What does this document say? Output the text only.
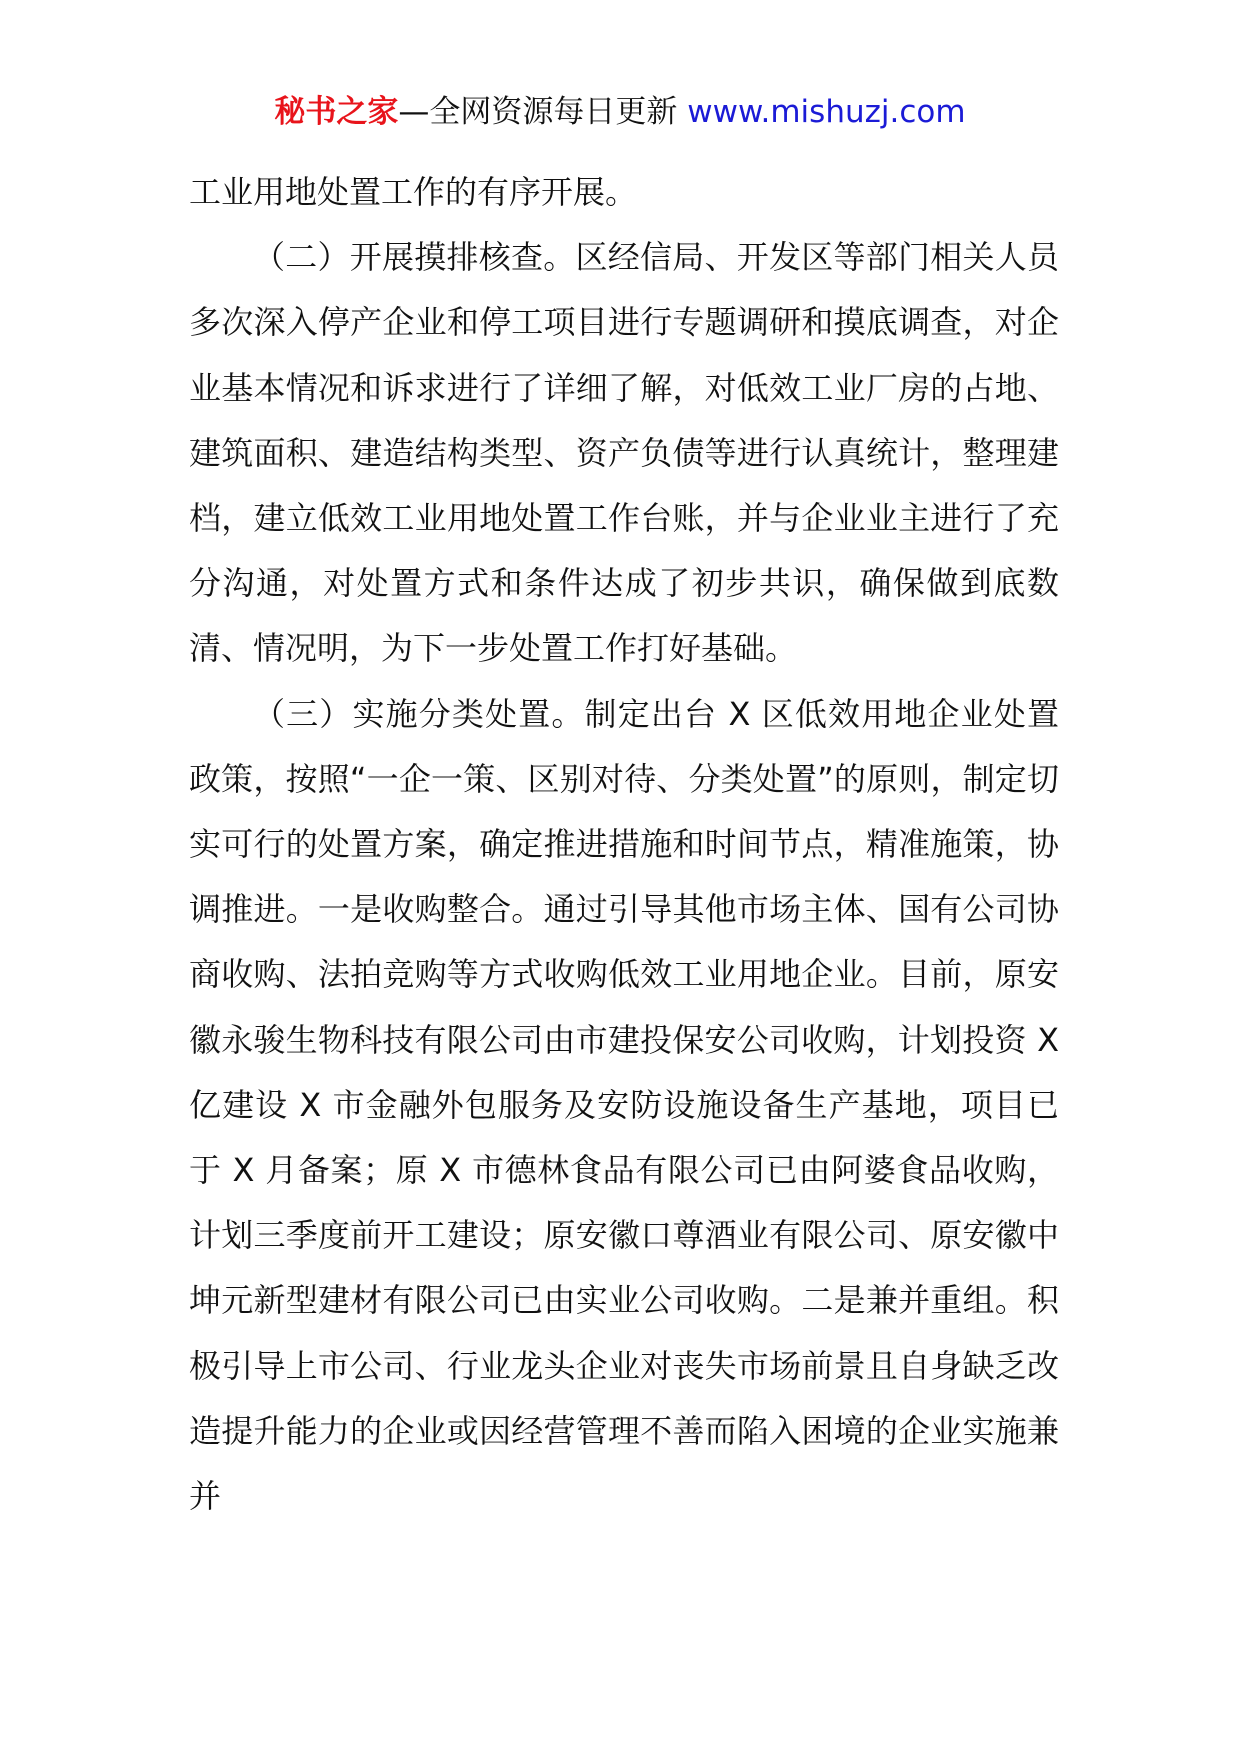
秘书之家—全网资源每日更新 www.mishuzj.com

工业用地处置工作的有序开展。

（二）开展摸排核查。区经信局、开发区等部门相关人员多次深入停产企业和停工项目进行专题调研和摸底调查，对企业基本情况和诉求进行了详细了解，对低效工业厂房的占地、建筑面积、建造结构类型、资产负债等进行认真统计，整理建档，建立低效工业用地处置工作台账，并与企业业主进行了充分沟通，对处置方式和条件达成了初步共识，确保做到底数清、情况明，为下一步处置工作打好基础。

（三）实施分类处置。制定出台 X 区低效用地企业处置政策，按照“一企一策、区别对待、分类处置”的原则，制定切实可行的处置方案，确定推进措施和时间节点，精准施策，协调推进。一是收购整合。通过引导其他市场主体、国有公司协商收购、法拍竞购等方式收购低效工业用地企业。目前，原安徽永骏生物科技有限公司由市建投保安公司收购，计划投资 X 亿建设 X 市金融外包服务及安防设施设备生产基地，项目已于 X 月备案；原 X 市德林食品有限公司已由阿婆食品收购，计划三季度前开工建设；原安徽口尊酒业有限公司、原安徽中坤元新型建材有限公司已由实业公司收购。二是兼并重组。积极引导上市公司、行业龙头企业对丧失市场前景且自身缺乏改造提升能力的企业或因经营管理不善而陷入困境的企业实施兼并
